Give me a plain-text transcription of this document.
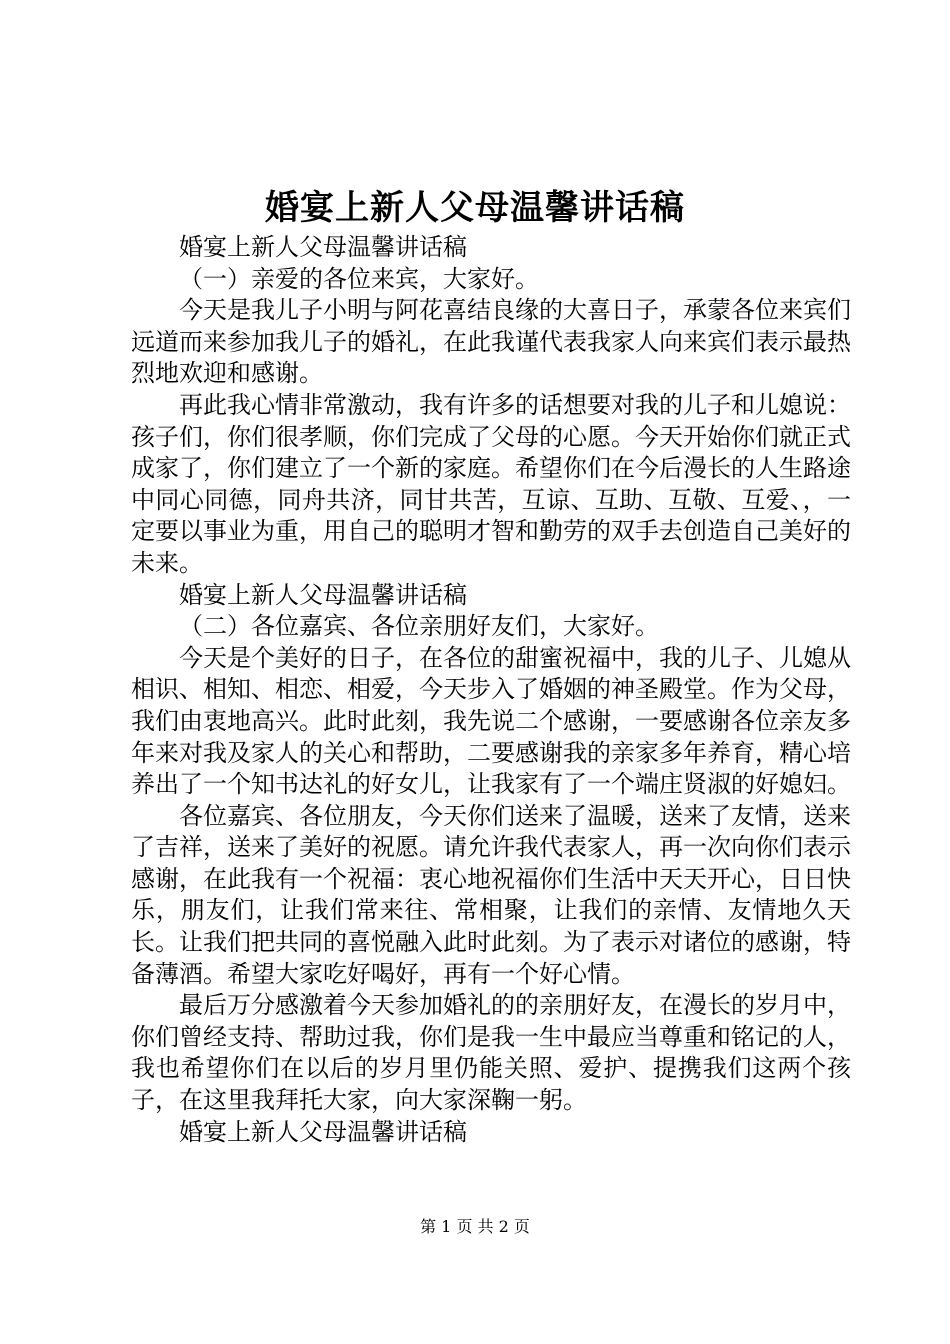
婚宴上新人父母温馨讲话稿

婚宴上新人父母温馨讲话稿

（一）亲爱的各位来宾，大家好。

今天是我儿子小明与阿花喜结良缘的大喜日子，承蒙各位来宾们远道而来参加我儿子的婚礼，在此我谨代表我家人向来宾们表示最热烈地欢迎和感谢。

再此我心情非常激动，我有许多的话想要对我的儿子和儿媳说：孩子们，你们很孝顺，你们完成了父母的心愿。今天开始你们就正式成家了，你们建立了一个新的家庭。希望你们在今后漫长的人生路途中同心同德，同舟共济，同甘共苦，互谅、互助、互敬、互爱、，一定要以事业为重，用自己的聪明才智和勤劳的双手去创造自己美好的未来。

婚宴上新人父母温馨讲话稿

（二）各位嘉宾、各位亲朋好友们，大家好。

今天是个美好的日子，在各位的甜蜜祝福中，我的儿子、儿媳从相识、相知、相恋、相爱，今天步入了婚姻的神圣殿堂。作为父母，我们由衷地高兴。此时此刻，我先说二个感谢，一要感谢各位亲友多年来对我及家人的关心和帮助，二要感谢我的亲家多年养育，精心培养出了一个知书达礼的好女儿，让我家有了一个端庄贤淑的好媳妇。

各位嘉宾、各位朋友，今天你们送来了温暖，送来了友情，送来了吉祥，送来了美好的祝愿。请允许我代表家人，再一次向你们表示感谢，在此我有一个祝福：衷心地祝福你们生活中天天开心，日日快乐，朋友们，让我们常来往、常相聚，让我们的亲情、友情地久天长。让我们把共同的喜悦融入此时此刻。为了表示对诸位的感谢，特备薄酒。希望大家吃好喝好，再有一个好心情。

最后万分感激着今天参加婚礼的的亲朋好友，在漫长的岁月中，你们曾经支持、帮助过我，你们是我一生中最应当尊重和铭记的人，我也希望你们在以后的岁月里仍能关照、爱护、提携我们这两个孩子，在这里我拜托大家，向大家深鞠一躬。

婚宴上新人父母温馨讲话稿

第 1 页 共 2 页
